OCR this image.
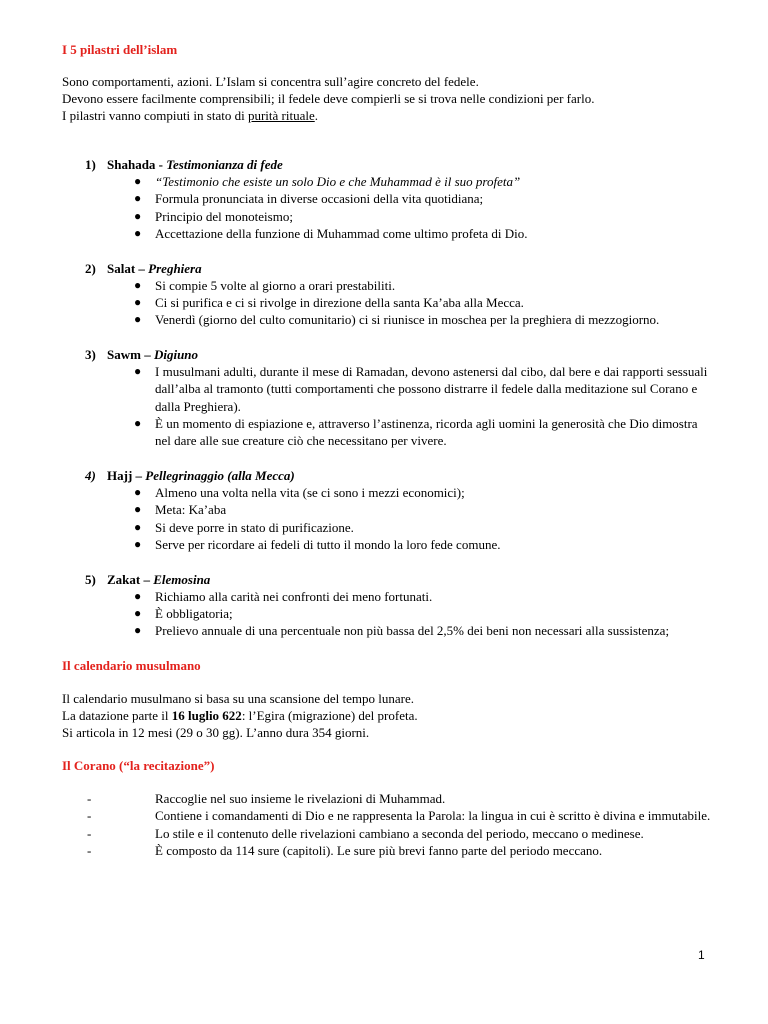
I 5 pilastri dell’islam

Sono comportamenti, azioni. L’Islam si concentra sull’agire concreto del fedele.

Devono essere facilmente comprensibili; il fedele deve compierli se si trova nelle condizioni per farlo.

I pilastri vanno compiuti in stato di purità rituale.

1) Shahada - Testimonianza di fede
● “Testimonio che esiste un solo Dio e che Muhammad è il suo profeta”
● Formula pronunciata in diverse occasioni della vita quotidiana;
● Principio del monoteismo;
● Accettazione della funzione di Muhammad come ultimo profeta di Dio.
2) Salat – Preghiera
● Si compie 5 volte al giorno a orari prestabiliti.
● Ci si purifica e ci si rivolge in direzione della santa Ka’aba alla Mecca.
● Venerdì (giorno del culto comunitario) ci si riunisce in moschea per la preghiera di mezzogiorno.
3) Sawm – Digiuno
● I musulmani adulti, durante il mese di Ramadan, devono astenersi dal cibo, dal bere e dai rapporti sessuali dall’alba al tramonto (tutti comportamenti che possono distrarre il fedele dalla meditazione sul Corano e dalla Preghiera).
● È un momento di espiazione e, attraverso l’astinenza, ricorda agli uomini la generosità che Dio dimostra nel dare alle sue creature ciò che necessitano per vivere.
4) Hajj – Pellegrinaggio (alla Mecca)
● Almeno una volta nella vita (se ci sono i mezzi economici);
● Meta: Ka’aba
● Si deve porre in stato di purificazione.
● Serve per ricordare ai fedeli di tutto il mondo la loro fede comune.
5) Zakat – Elemosina
● Richiamo alla carità nei confronti dei meno fortunati.
● È obbligatoria;
● Prelievo annuale di una percentuale non più bassa del 2,5% dei beni non necessari alla sussistenza;
Il calendario musulmano

Il calendario musulmano si basa su una scansione del tempo lunare.

La datazione parte il 16 luglio 622: l’Egira (migrazione) del profeta.

Si articola in 12 mesi (29 o 30 gg). L’anno dura 354 giorni.

Il Corano (“la recitazione”)
-	Raccoglie nel suo insieme le rivelazioni di Muhammad.
-	Contiene i comandamenti di Dio e ne rappresenta la Parola: la lingua in cui è scritto è divina e immutabile.
-	Lo stile e il contenuto delle rivelazioni cambiano a seconda del periodo, meccano o medinese.
-	È composto da 114 sure (capitoli). Le sure più brevi fanno parte del periodo meccano.
1
